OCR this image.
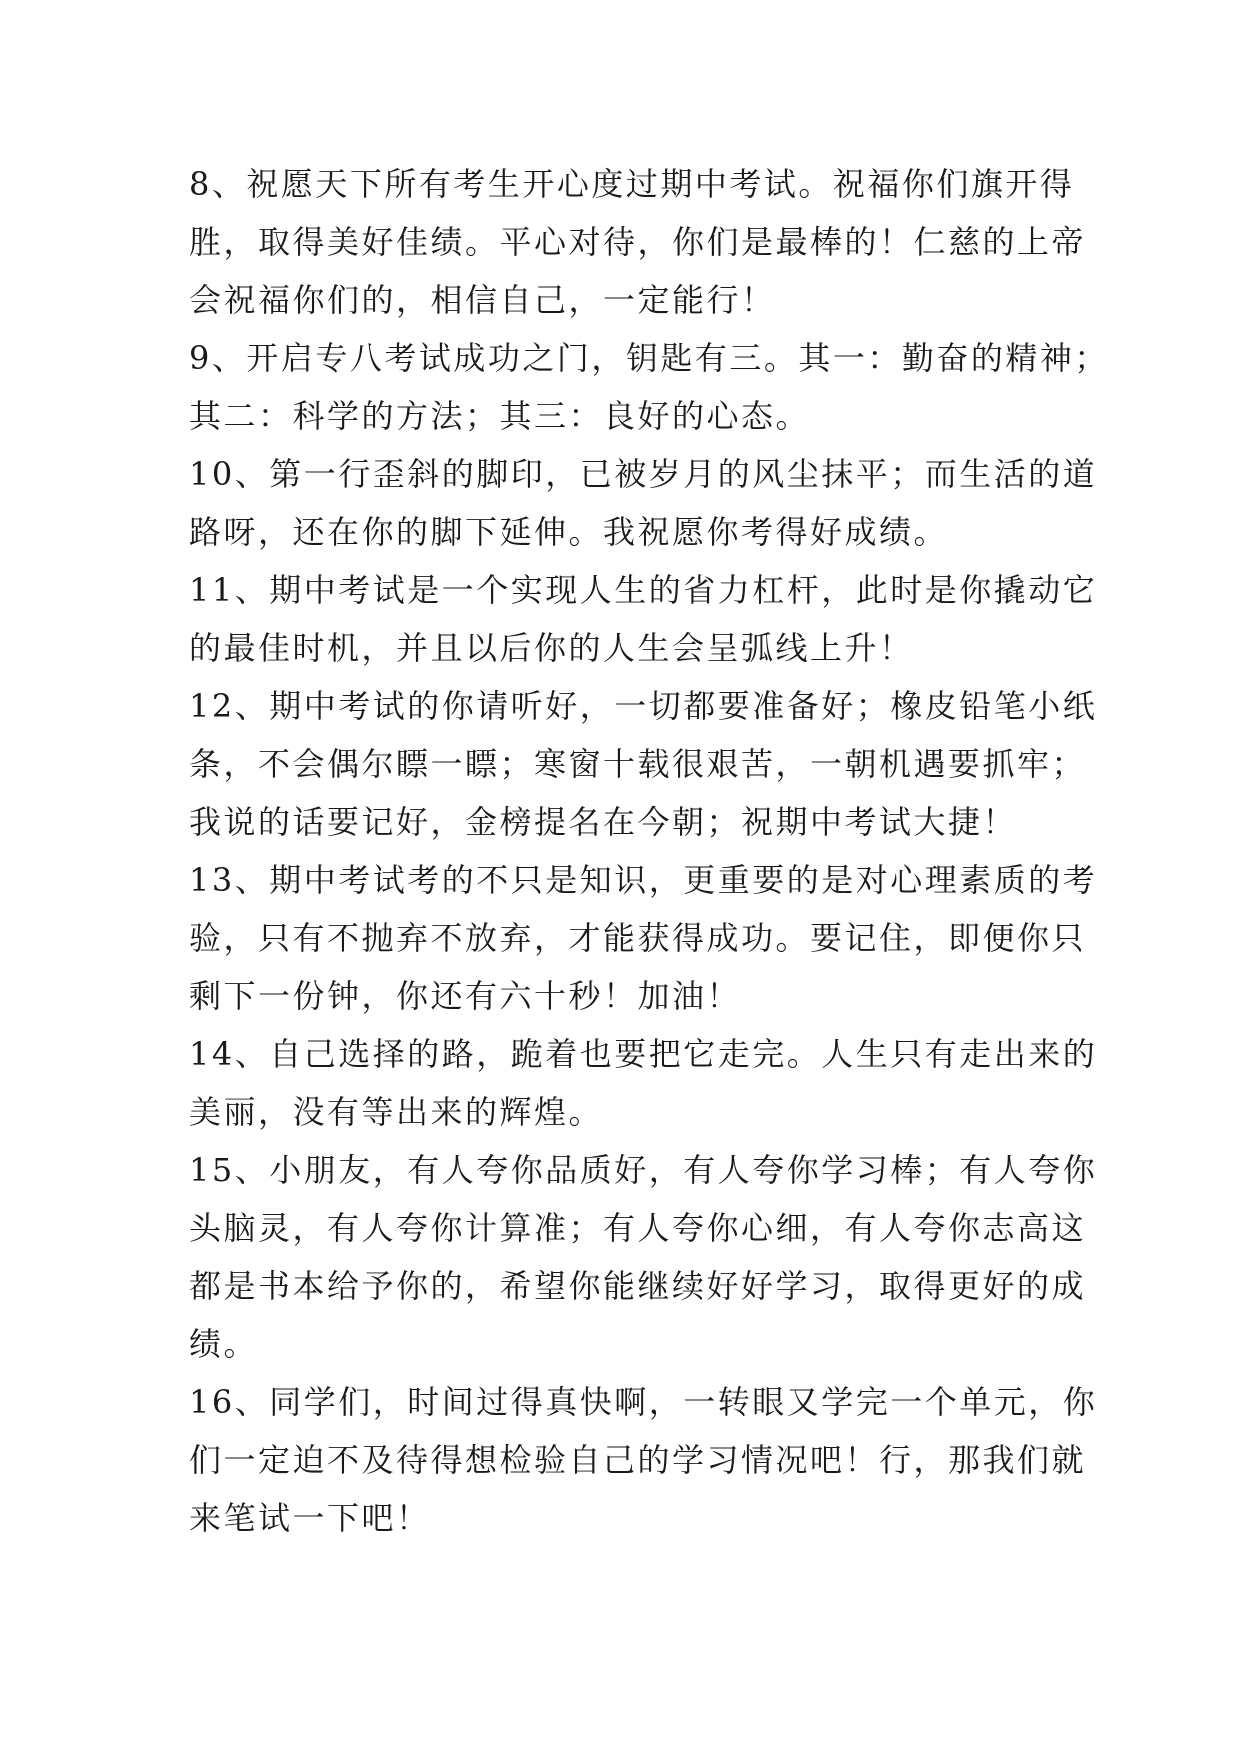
8、祝愿天下所有考生开心度过期中考试。祝福你们旗开得
胜，取得美好佳绩。平心对待，你们是最棒的！仁慈的上帝
会祝福你们的，相信自己，一定能行！

9、开启专八考试成功之门，钥匙有三。其一：勤奋的精神；
其二：科学的方法；其三：良好的心态。

10、第一行歪斜的脚印，已被岁月的风尘抹平；而生活的道
路呀，还在你的脚下延伸。我祝愿你考得好成绩。

11、期中考试是一个实现人生的省力杠杆，此时是你撬动它
的最佳时机，并且以后你的人生会呈弧线上升！

12、期中考试的你请听好，一切都要准备好；橡皮铅笔小纸
条，不会偶尔瞟一瞟；寒窗十载很艰苦，一朝机遇要抓牢；
我说的话要记好，金榜提名在今朝；祝期中考试大捷！

13、期中考试考的不只是知识，更重要的是对心理素质的考
验，只有不抛弃不放弃，才能获得成功。要记住，即便你只
剩下一份钟，你还有六十秒！加油！

14、自己选择的路，跪着也要把它走完。人生只有走出来的
美丽，没有等出来的辉煌。

15、小朋友，有人夸你品质好，有人夸你学习棒；有人夸你
头脑灵，有人夸你计算准；有人夸你心细，有人夸你志高这
都是书本给予你的，希望你能继续好好学习，取得更好的成
绩。

16、同学们，时间过得真快啊，一转眼又学完一个单元，你
们一定迫不及待得想检验自己的学习情况吧！行，那我们就
来笔试一下吧！
